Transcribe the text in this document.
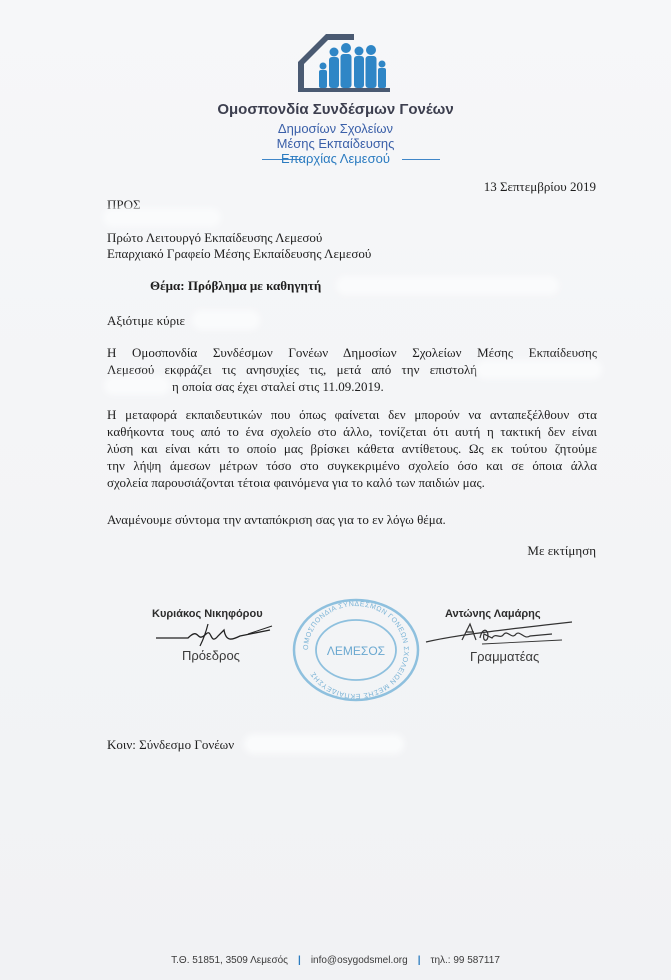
Ομοσπονδία Συνδέσμων Γονέων
Δημοσίων Σχολείων
Μέσης Εκπαίδευσης
Επαρχίας Λεμεσού
13 Σεπτεμβρίου 2019
ΠΡΟΣ
Πρώτο Λειτουργό Εκπαίδευσης Λεμεσού
Επαρχιακό Γραφείο Μέσης Εκπαίδευσης Λεμεσού
Θέμα: Πρόβλημα με καθηγητή
Αξιότιμε κύριε
Η Ομοσπονδία Συνδέσμων Γονέων Δημοσίων Σχολείων Μέσης Εκπαίδευσης
Λεμεσού εκφράζει τις ανησυχίες τις, μετά από την επιστολή
η οποία σας έχει σταλεί στις 11.09.2019.
Η μεταφορά εκπαιδευτικών που όπως φαίνεται δεν μπορούν να ανταπεξέλθουν στα
καθήκοντα τους από το ένα σχολείο στο άλλο, τονίζεται ότι αυτή η τακτική δεν είναι
λύση και είναι κάτι το οποίο μας βρίσκει κάθετα αντίθετους. Ως εκ τούτου ζητούμε
την λήψη άμεσων μέτρων τόσο στο συγκεκριμένο σχολείο όσο και σε όποια άλλα
σχολεία παρουσιάζονται τέτοια φαινόμενα για το καλό των παιδιών μας.
Αναμένουμε σύντομα την ανταπόκριση σας για το εν λόγω θέμα.
Με εκτίμηση
Κυριάκος Νικηφόρου
Πρόεδρος
ΟΜΟΣΠΟΝΔΙΑ ΣΥΝΔΕΣΜΩΝ ΓΟΝΕΩΝ ΣΧΟΛΕΙΩΝ ΜΕΣΗΣ ΕΚΠΑΙΔΕΥΣΗΣ
ΛΕΜΕΣΟΣ
Αντώνης Λαμάρης
Γραμματέας
Κοιν: Σύνδεσμο Γονέων
Τ.Θ. 51851, 3509 Λεμεσός | info@osygodsmel.org | τηλ.: 99 587117
